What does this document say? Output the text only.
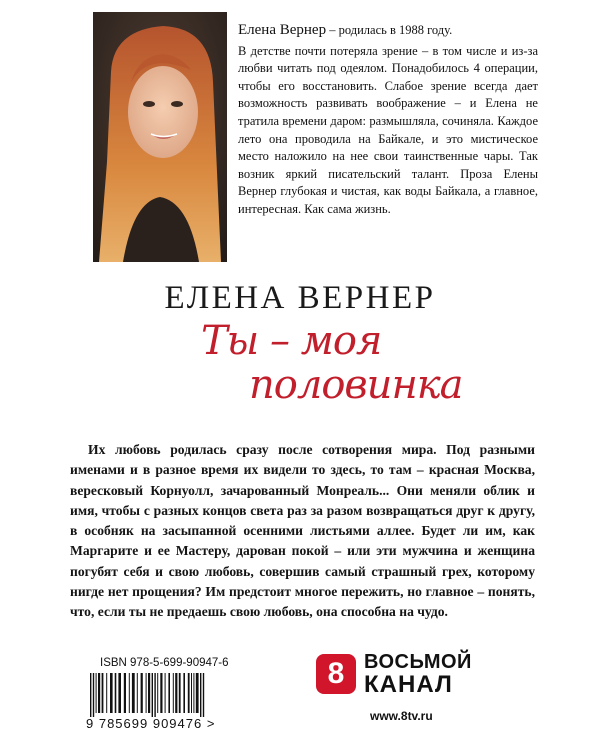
Елена Вернер – родилась в 1988 году.

В детстве почти потеряла зрение – в том числе и из-за любви читать под одеялом. Понадобилось 4 операции, чтобы его восстановить. Слабое зрение всегда дает возможность развивать воображение – и Елена не тратила времени даром: размышляла, сочиняла. Каждое лето она проводила на Байкале, и это мистическое место наложило на нее свои таинственные чары. Так возник яркий писательский талант. Проза Елены Вернер глубокая и чистая, как воды Байкала, а главное, интересная. Как сама жизнь.

ЕЛЕНА ВЕРНЕР
Ты – моя
половинка

Их любовь родилась сразу после сотворения мира. Под разными именами и в разное время их видели то здесь, то там – красная Москва, вересковый Корнуолл, зачарованный Монреаль... Они меняли облик и имя, чтобы с разных концов света раз за разом возвращаться друг к другу, в особняк на засыпанной осенними листьями аллее. Будет ли им, как Маргарите и ее Мастеру, дарован покой – или эти мужчина и женщина погубят себя и свою любовь, совершив самый страшный грех, которому нигде нет прощения? Им предстоит многое пережить, но главное – понять, что, если ты не предаешь свою любовь, она способна на чудо.

ISBN 978-5-699-90947-6
9 785699 909476 >
8 ВОСЬМОЙ
КАНАЛ
www.8tv.ru
